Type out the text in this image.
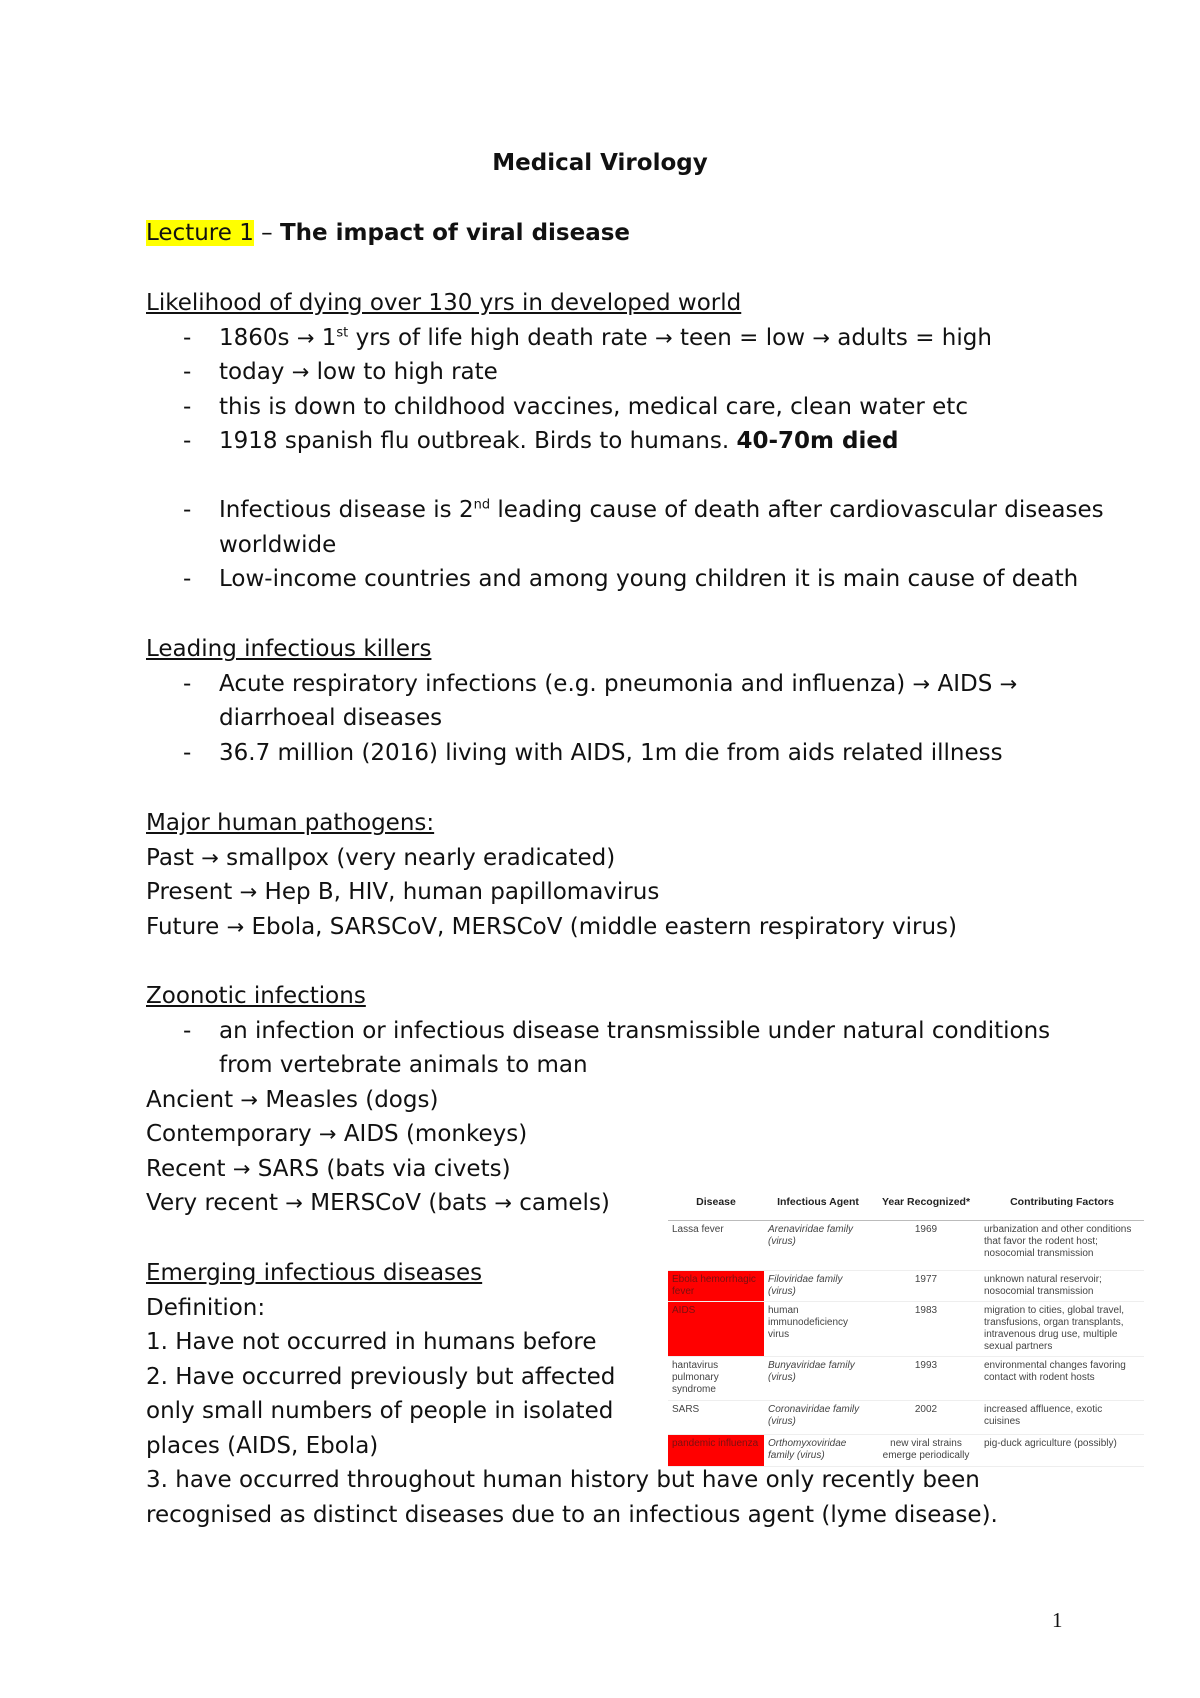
Medical Virology
Lecture 1 – The impact of viral disease
Likelihood of dying over 130 yrs in developed world
- 1860s → 1st yrs of life high death rate → teen = low → adults = high
- today → low to high rate
- this is down to childhood vaccines, medical care, clean water etc
- 1918 spanish flu outbreak. Birds to humans. 40-70m died
- Infectious disease is 2nd leading cause of death after cardiovascular diseases
worldwide
- Low-income countries and among young children it is main cause of death
Leading infectious killers
- Acute respiratory infections (e.g. pneumonia and influenza) → AIDS →
diarrhoeal diseases
- 36.7 million (2016) living with AIDS, 1m die from aids related illness
Major human pathogens:
Past → smallpox (very nearly eradicated)
Present → Hep B, HIV, human papillomavirus
Future → Ebola, SARSCoV, MERSCoV (middle eastern respiratory virus)
Zoonotic infections
- an infection or infectious disease transmissible under natural conditions
from vertebrate animals to man
Ancient → Measles (dogs)
Contemporary → AIDS (monkeys)
Recent → SARS (bats via civets)
Very recent → MERSCoV (bats → camels)
Emerging infectious diseases
Definition:
1. Have not occurred in humans before
2. Have occurred previously but affected
only small numbers of people in isolated
places (AIDS, Ebola)
3. have occurred throughout human history but have only recently been
recognised as distinct diseases due to an infectious agent (lyme disease).
Disease	Infectious Agent	Year Recognized*	Contributing Factors
Lassa fever	Arenaviridae family (virus)	1969	urbanization and other conditions that favor the rodent host; nosocomial transmission
Ebola hemorrhagic fever	Filoviridae family (virus)	1977	unknown natural reservoir; nosocomial transmission
AIDS	human immunodeficiency virus	1983	migration to cities, global travel, transfusions, organ transplants, intravenous drug use, multiple sexual partners
hantavirus pulmonary syndrome	Bunyaviridae family (virus)	1993	environmental changes favoring contact with rodent hosts
SARS	Coronaviridae family (virus)	2002	increased affluence, exotic cuisines
pandemic influenza	Orthomyxoviridae family (virus)	new viral strains emerge periodically	pig-duck agriculture (possibly)
1
